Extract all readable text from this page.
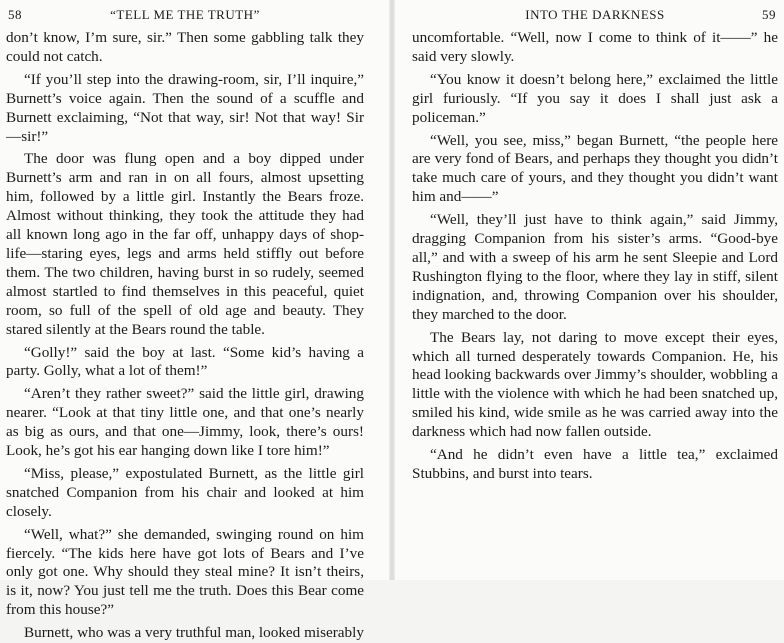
58	“TELL ME THE TRUTH”

don’t know, I’m sure, sir.” Then some gabbling talk they could not catch.

“If you’ll step into the drawing-room, sir, I’ll inquire,” Burnett’s voice again. Then the sound of a scuffle and Burnett exclaiming, “Not that way, sir! Not that way! Sir—sir!”

The door was flung open and a boy dipped under Burnett’s arm and ran in on all fours, almost upsetting him, followed by a little girl. Instantly the Bears froze. Almost without thinking, they took the attitude they had all known long ago in the far off, unhappy days of shop-life—staring eyes, legs and arms held stiffly out before them. The two children, having burst in so rudely, seemed almost startled to find themselves in this peaceful, quiet room, so full of the spell of old age and beauty. They stared silently at the Bears round the table.

“Golly!” said the boy at last. “Some kid’s having a party. Golly, what a lot of them!”

“Aren’t they rather sweet?” said the little girl, drawing nearer. “Look at that tiny little one, and that one’s nearly as big as ours, and that one—Jimmy, look, there’s ours! Look, he’s got his ear hanging down like I tore him!”

“Miss, please,” expostulated Burnett, as the little girl snatched Companion from his chair and looked at him closely.

“Well, what?” she demanded, swinging round on him fiercely. “The kids here have got lots of Bears and I’ve only got one. Why should they steal mine? It isn’t theirs, is it, now? You just tell me the truth. Does this Bear come from this house?”

Burnett, who was a very truthful man, looked miserably

INTO THE DARKNESS	59

uncomfortable. “Well, now I come to think of it——” he said very slowly.

“You know it doesn’t belong here,” exclaimed the little girl furiously. “If you say it does I shall just ask a policeman.”

“Well, you see, miss,” began Burnett, “the people here are very fond of Bears, and perhaps they thought you didn’t take much care of yours, and they thought you didn’t want him and——”

“Well, they’ll just have to think again,” said Jimmy, dragging Companion from his sister’s arms. “Good-bye all,” and with a sweep of his arm he sent Sleepie and Lord Rushington flying to the floor, where they lay in stiff, silent indignation, and, throwing Companion over his shoulder, they marched to the door.

The Bears lay, not daring to move except their eyes, which all turned desperately towards Companion. He, his head looking backwards over Jimmy’s shoulder, wobbling a little with the violence with which he had been snatched up, smiled his kind, wide smile as he was carried away into the darkness which had now fallen outside.

“And he didn’t even have a little tea,” exclaimed Stubbins, and burst into tears.
